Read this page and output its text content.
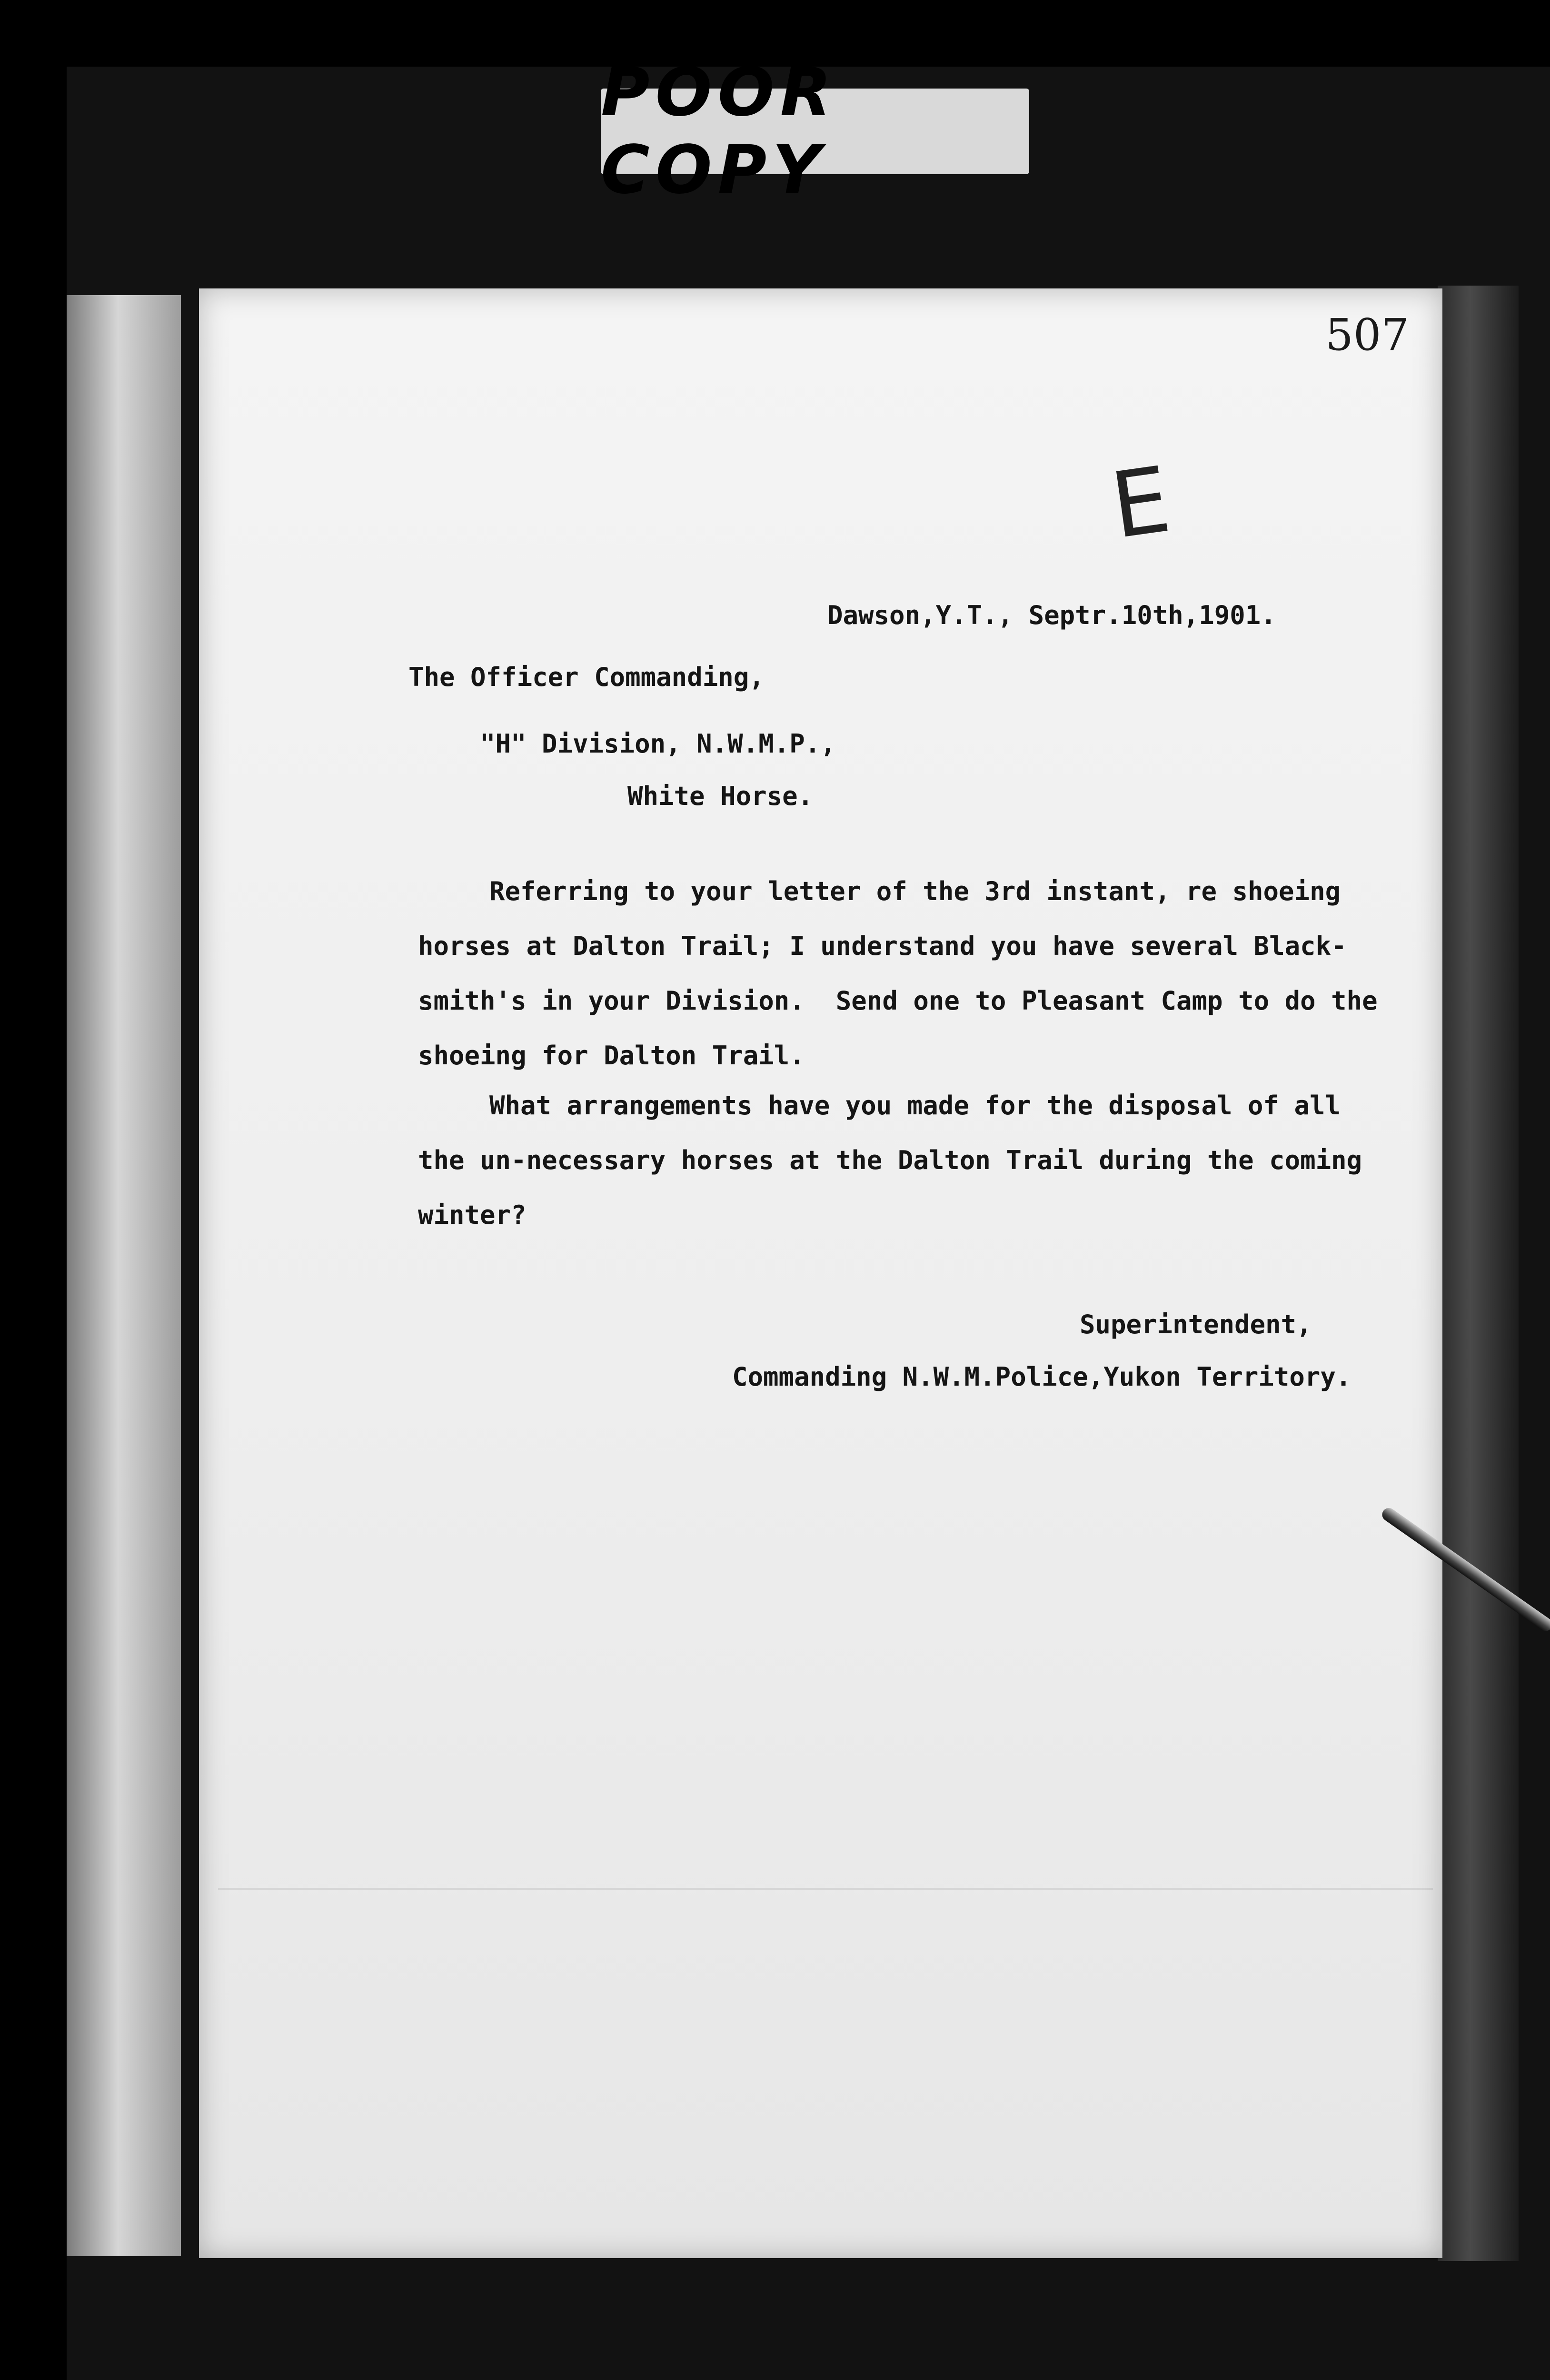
POOR COPY
507
E
Dawson,Y.T., Septr.10th,1901.
The Officer Commanding,
"H" Division, N.W.M.P.,
White Horse.
Referring to your letter of the 3rd instant, re shoeing
horses at Dalton Trail; I understand you have several Black-
smith's in your Division.  Send one to Pleasant Camp to do the
shoeing for Dalton Trail.
What arrangements have you made for the disposal of all
the un-necessary horses at the Dalton Trail during the coming
winter?
Superintendent,
Commanding N.W.M.Police,Yukon Territory.
